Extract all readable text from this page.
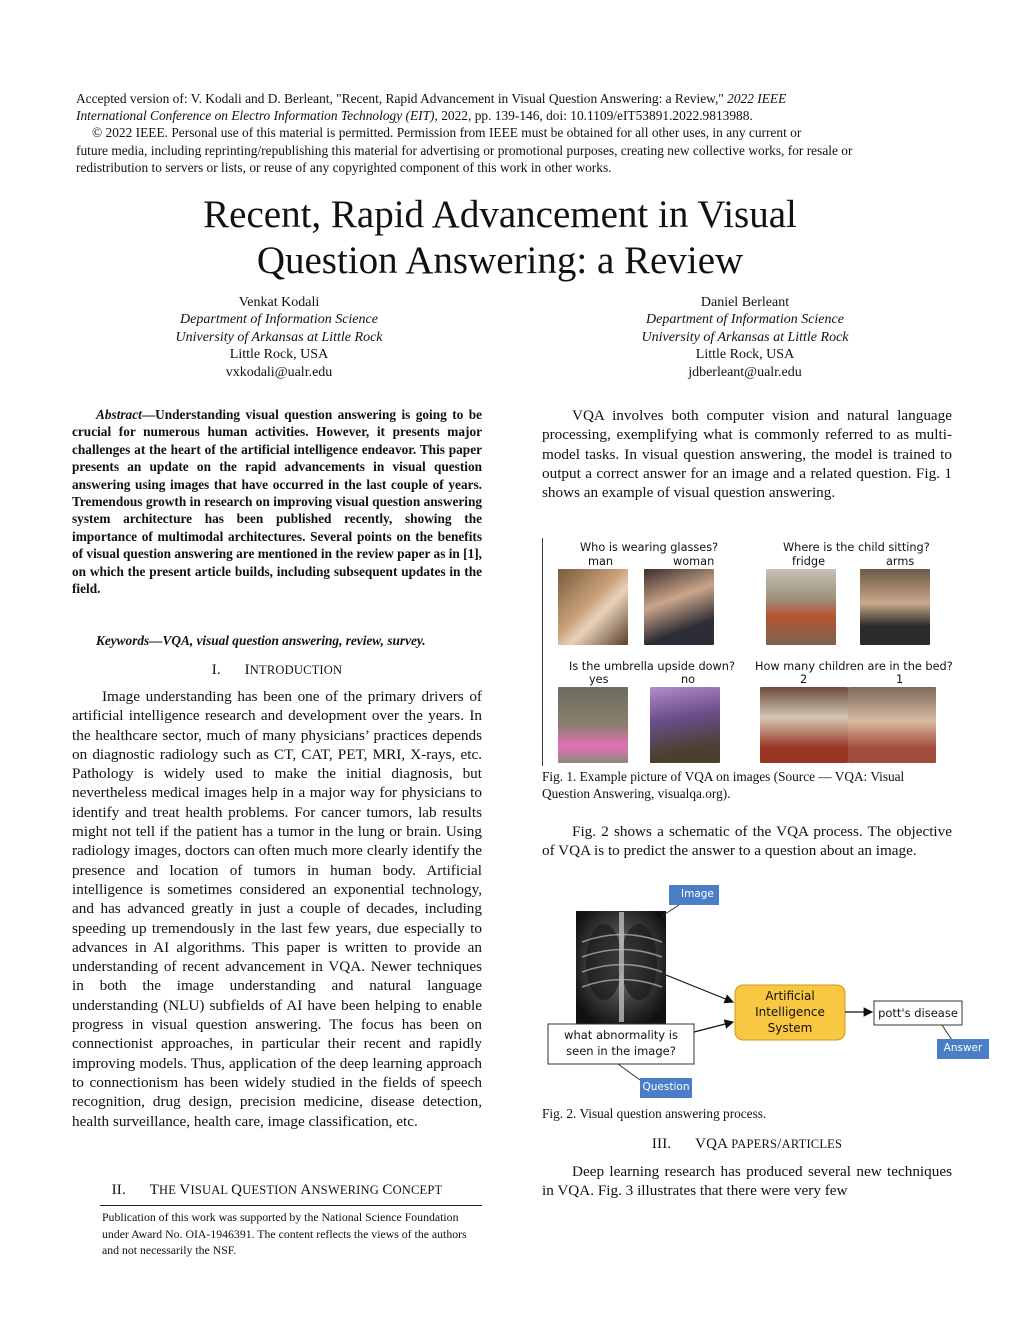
Accepted version of: V. Kodali and D. Berleant, "Recent, Rapid Advancement in Visual Question Answering: a Review," 2022 IEEE

International Conference on Electro Information Technology (EIT), 2022, pp. 139-146, doi: 10.1109/eIT53891.2022.9813988.

© 2022 IEEE. Personal use of this material is permitted. Permission from IEEE must be obtained for all other uses, in any current or

future media, including reprinting/republishing this material for advertising or promotional purposes, creating new collective works, for resale or

redistribution to servers or lists, or reuse of any copyrighted component of this work in other works.

Recent, Rapid Advancement in Visual
Question Answering: a Review
Venkat Kodali
Department of Information Science
University of Arkansas at Little Rock
Little Rock, USA
vxkodali@ualr.edu
Daniel Berleant
Department of Information Science
University of Arkansas at Little Rock
Little Rock, USA
jdberleant@ualr.edu
Abstract—Understanding visual question answering is going to be crucial for numerous human activities. However, it presents major challenges at the heart of the artificial intelligence endeavor. This paper presents an update on the rapid advancements in visual question answering using images that have occurred in the last couple of years. Tremendous growth in research on improving visual question answering system architecture has been published recently, showing the importance of multimodal architectures. Several points on the benefits of visual question answering are mentioned in the review paper as in [1], on which the present article builds, including subsequent updates in the field.
Keywords—VQA, visual question answering, review, survey.
I. INTRODUCTION

Image understanding has been one of the primary drivers of artificial intelligence research and development over the years. In the healthcare sector, much of many physicians’ practices depends on diagnostic radiology such as CT, CAT, PET, MRI, X-rays, etc. Pathology is widely used to make the initial diagnosis, but nevertheless medical images help in a major way for physicians to identify and treat health problems. For cancer tumors, lab results might not tell if the patient has a tumor in the lung or brain. Using radiology images, doctors can often much more clearly identify the presence and location of tumors in human body. Artificial intelligence is sometimes considered an exponential technology, and has advanced greatly in just a couple of decades, including speeding up tremendously in the last few years, due especially to advances in AI algorithms. This paper is written to provide an understanding of recent advancement in VQA. Newer techniques in both the image understanding and natural language understanding (NLU) subfields of AI have been helping to enable progress in visual question answering. The focus has been on connectionist approaches, in particular their recent and rapidly improving models. Thus, application of the deep learning approach to connectionism has been widely studied in the fields of speech recognition, drug design, precision medicine, disease detection, health surveillance, health care, image classification, etc.

II. THE VISUAL QUESTION ANSWERING CONCEPT
Publication of this work was supported by the National Science Foundation under Award No. OIA-1946391. The content reflects the views of the authors and not necessarily the NSF.

VQA involves both computer vision and natural language processing, exemplifying what is commonly referred to as multi-model tasks. In visual question answering, the model is trained to output a correct answer for an image and a related question. Fig. 1 shows an example of visual question answering.

Who is wearing glasses?
man	woman
Where is the child sitting?
fridge	arms
Is the umbrella upside down?
yes	no
How many children are in the bed?
2	1
Fig. 1. Example picture of VQA on images (Source — VQA: Visual Question Answering, visualqa.org).

Fig. 2 shows a schematic of the VQA process. The objective of VQA is to predict the answer to a question about an image.

Image
Artificial
Intelligence
System
what abnormality is
seen in the image?
Question
pott's disease
Answer
Fig. 2. Visual question answering process.
III. VQA PAPERS/ARTICLES

Deep learning research has produced several new techniques in VQA. Fig. 3 illustrates that there were very few
